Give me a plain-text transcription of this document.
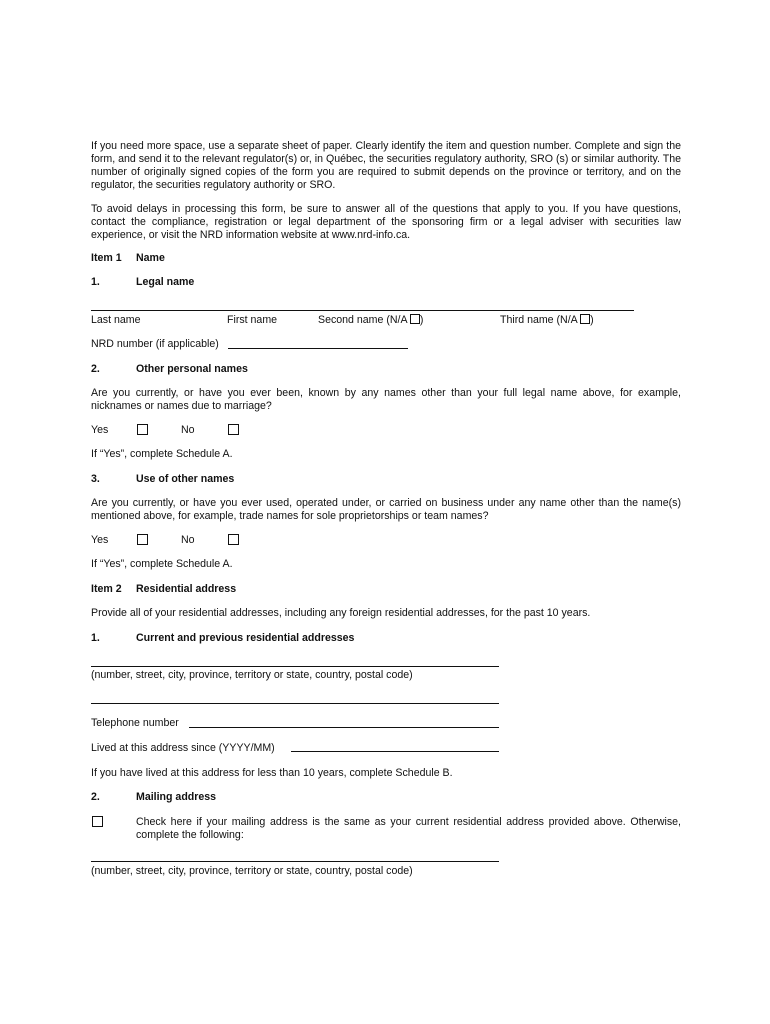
If you need more space, use a separate sheet of paper. Clearly identify the item and question number. Complete and sign the form, and send it to the relevant regulator(s) or, in Québec, the securities regulatory authority, SRO (s) or similar authority. The number of originally signed copies of the form you are required to submit depends on the province or territory, and on the regulator, the securities regulatory authority or SRO.
To avoid delays in processing this form, be sure to answer all of the questions that apply to you. If you have questions, contact the compliance, registration or legal department of the sponsoring firm or a legal adviser with securities law experience, or visit the NRD information website at www.nrd-info.ca.
Item 1 Name
1.	Legal name
Last name	First name	Second name (N/A )	Third name (N/A )
NRD number (if applicable)
2.	Other personal names
Are you currently, or have you ever been, known by any names other than your full legal name above, for example, nicknames or names due to marriage?
Yes	No
If “Yes”, complete Schedule A.
3.	Use of other names
Are you currently, or have you ever used, operated under, or carried on business under any name other than the name(s) mentioned above, for example, trade names for sole proprietorships or team names?
Yes	No
If “Yes”, complete Schedule A.
Item 2 Residential address
Provide all of your residential addresses, including any foreign residential addresses, for the past 10 years.
1.	Current and previous residential addresses
(number, street, city, province, territory or state, country, postal code)
Telephone number
Lived at this address since (YYYY/MM)
If you have lived at this address for less than 10 years, complete Schedule B.
2.	Mailing address
Check here if your mailing address is the same as your current residential address provided above. Otherwise, complete the following:
(number, street, city, province, territory or state, country, postal code)
